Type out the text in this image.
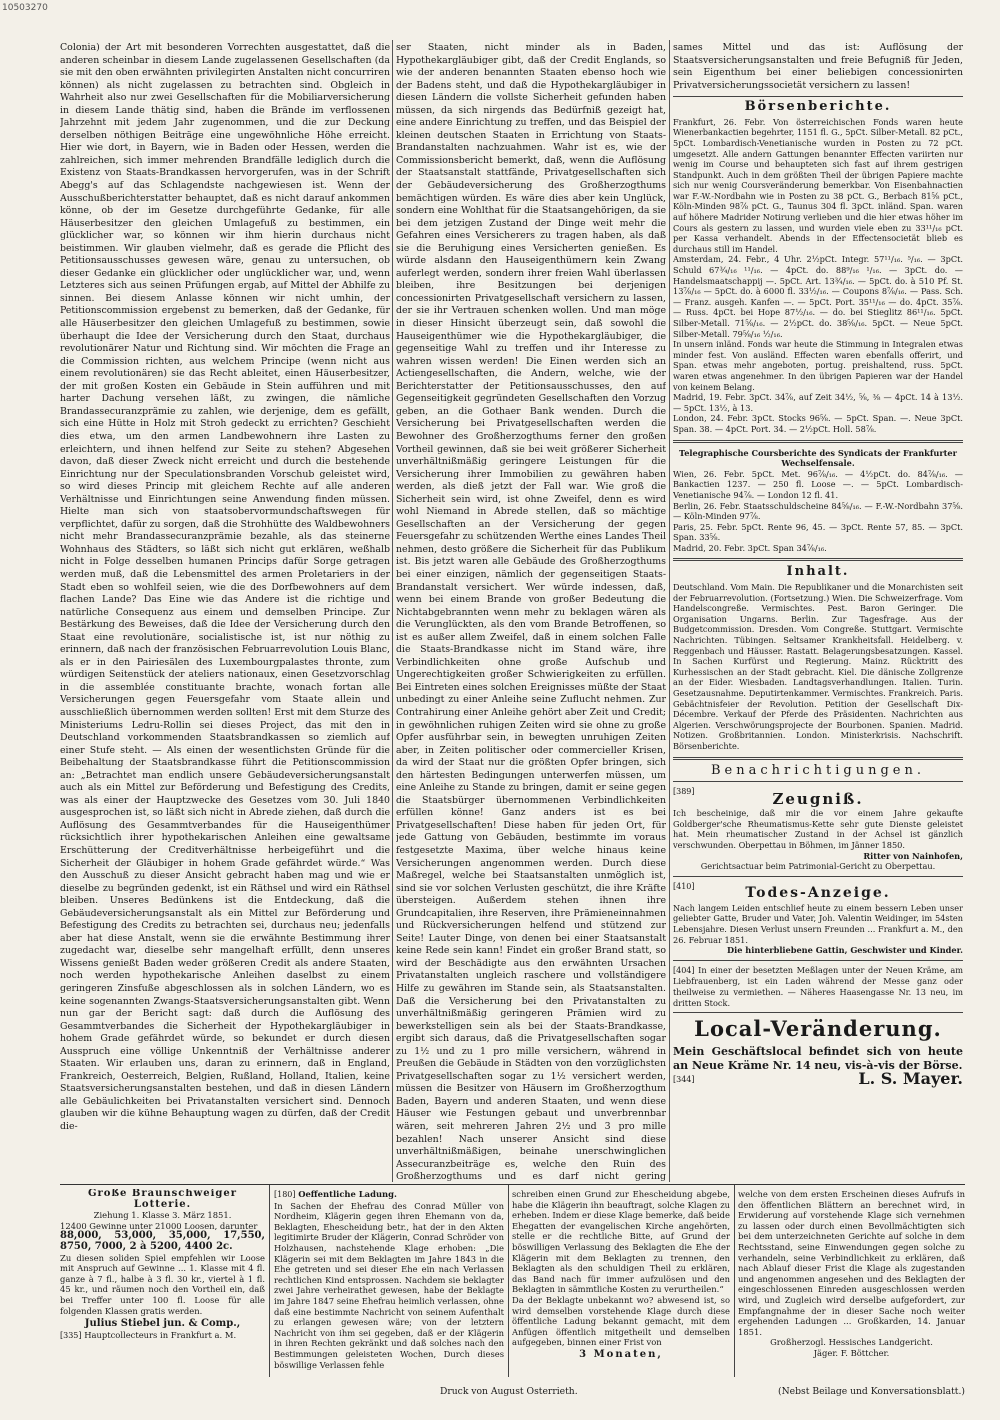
10503270

Colonia) der Art mit besonderen Vorrechten ausgestattet, daß die anderen scheinbar in diesem Lande zugelassenen Gesellschaften (da sie mit den oben erwähnten privilegirten Anstalten nicht concurriren können) als nicht zugelassen zu betrachten sind. Obgleich in Wahrheit also nur zwei Gesellschaften für die Mobiliarversicherung in diesem Lande thätig sind, haben die Brände im verflossenen Jahrzehnt mit jedem Jahr zugenommen, und die zur Deckung derselben nöthigen Beiträge eine ungewöhnliche Höhe erreicht. Hier wie dort, in Bayern, wie in Baden oder Hessen, werden die zahlreichen, sich immer mehrenden Brandfälle lediglich durch die Existenz von Staats-Brandkassen hervorgerufen, was in der Schrift Abegg's auf das Schlagendste nachgewiesen ist. Wenn der Ausschußberichterstatter behauptet, daß es nicht darauf ankommen könne, ob der im Gesetze durchgeführte Gedanke, für alle Häuserbesitzer den gleichen Umlagefuß zu bestimmen, ein glücklicher war, so können wir ihm hierin durchaus nicht beistimmen. Wir glauben vielmehr, daß es gerade die Pflicht des Petitionsausschusses gewesen wäre, genau zu untersuchen, ob dieser Gedanke ein glücklicher oder unglücklicher war, und, wenn Letzteres sich aus seinen Prüfungen ergab, auf Mittel der Abhilfe zu sinnen. Bei diesem Anlasse können wir nicht umhin, der Petitionscommission ergebenst zu bemerken, daß der Gedanke, für alle Häuserbesitzer den gleichen Umlagefuß zu bestimmen, sowie überhaupt die Idee der Versicherung durch den Staat, durchaus revolutionärer Natur und Richtung sind. Wir möchten die Frage an die Commission richten, aus welchem Principe (wenn nicht aus einem revolutionären) sie das Recht ableitet, einen Häuserbesitzer, der mit großen Kosten ein Gebäude in Stein aufführen und mit harter Dachung versehen läßt, zu zwingen, die nämliche Brandassecuranzprämie zu zahlen, wie derjenige, dem es gefällt, sich eine Hütte in Holz mit Stroh gedeckt zu errichten? Geschieht dies etwa, um den armen Landbewohnern ihre Lasten zu erleichtern, und ihnen helfend zur Seite zu stehen? Abgesehen davon, daß dieser Zweck nicht erreicht und durch die bestehende Einrichtung nur der Speculationsbranden Vorschub geleistet wird, so wird dieses Princip mit gleichem Rechte auf alle anderen Verhältnisse und Einrichtungen seine Anwendung finden müssen. Hielte man sich von staatsobervormundschaftswegen für verpflichtet, dafür zu sorgen, daß die Strohhütte des Waldbewohners nicht mehr Brandassecuranzprämie bezahle, als das steinerne Wohnhaus des Städters, so läßt sich nicht gut erklären, weßhalb nicht in Folge desselben humanen Princips dafür Sorge getragen werden muß, daß die Lebensmittel des armen Proletariers in der Stadt eben so wohlfeil seien, wie die des Dorfbewohners auf dem flachen Lande? Das Eine wie das Andere ist die richtige und natürliche Consequenz aus einem und demselben Principe. Zur Bestärkung des Beweises, daß die Idee der Versicherung durch den Staat eine revolutionäre, socialistische ist, ist nur nöthig zu erinnern, daß nach der französischen Februarrevolution Louis Blanc, als er in den Pairiesälen des Luxembourgpalastes thronte, zum würdigen Seitenstück der ateliers nationaux, einen Gesetzvorschlag in die assemblée constituante brachte, wonach fortan alle Versicherungen gegen Feuersgefahr vom Staate allein und ausschließlich übernommen werden sollten! Erst mit dem Sturze des Ministeriums Ledru-Rollin sei dieses Project, das mit den in Deutschland vorkommenden Staatsbrandkassen so ziemlich auf einer Stufe steht. — Als einen der wesentlichsten Gründe für die Beibehaltung der Staatsbrandkasse führt die Petitionscommission an: „Betrachtet man endlich unsere Gebäudeversicherungsanstalt auch als ein Mittel zur Beförderung und Befestigung des Credits, was als einer der Hauptzwecke des Gesetzes vom 30. Juli 1840 ausgesprochen ist, so läßt sich nicht in Abrede ziehen, daß durch die Auflösung des Gesammtverbandes für die Hauseigenthümer rücksichtlich ihrer hypothekarischen Anleihen eine gewaltsame Erschütterung der Creditverhältnisse herbeigeführt und die Sicherheit der Gläubiger in hohem Grade gefährdet würde.“ Was den Ausschuß zu dieser Ansicht gebracht haben mag und wie er dieselbe zu begründen gedenkt, ist ein Räthsel und wird ein Räthsel bleiben. Unseres Bedünkens ist die Entdeckung, daß die Gebäudeversicherungsanstalt als ein Mittel zur Beförderung und Befestigung des Credits zu betrachten sei, durchaus neu; jedenfalls aber hat diese Anstalt, wenn sie die erwähnte Bestimmung ihrer zugedacht war, dieselbe sehr mangelhaft erfüllt, denn unseres Wissens genießt Baden weder größeren Credit als andere Staaten, noch werden hypothekarische Anleihen daselbst zu einem geringeren Zinsfuße abgeschlossen als in solchen Ländern, wo es keine sogenannten Zwangs-Staatsversicherungsanstalten gibt. Wenn nun gar der Bericht sagt: daß durch die Auflösung des Gesammtverbandes die Sicherheit der Hypothekargläubiger in hohem Grade gefährdet würde, so bekundet er durch diesen Ausspruch eine völlige Unkenntniß der Verhältnisse anderer Staaten. Wir erlauben uns, daran zu erinnern, daß in England, Frankreich, Oesterreich, Belgien, Rußland, Holland, Italien, keine Staatsversicherungsanstalten bestehen, und daß in diesen Ländern alle Gebäulichkeiten bei Privatanstalten versichert sind. Dennoch glauben wir die kühne Behauptung wagen zu dürfen, daß der Credit die-

ser Staaten, nicht minder als in Baden, Hypothekargläubiger gibt, daß der Credit Englands, so wie der anderen benannten Staaten ebenso hoch wie der Badens steht, und daß die Hypothekargläubiger in diesen Ländern die vollste Sicherheit gefunden haben müssen, da sich nirgends das Bedürfniß gezeigt hat, eine andere Einrichtung zu treffen, und das Beispiel der kleinen deutschen Staaten in Errichtung von Staats-Brandanstalten nachzuahmen. Wahr ist es, wie der Commissionsbericht bemerkt, daß, wenn die Auflösung der Staatsanstalt stattfände, Privatgesellschaften sich der Gebäudeversicherung des Großherzogthums bemächtigen würden. Es wäre dies aber kein Unglück, sondern eine Wohlthat für die Staatsangehörigen, da sie bei dem jetzigen Zustand der Dinge weit mehr die Gefahren eines Versicherers zu tragen haben, als daß sie die Beruhigung eines Versicherten genießen. Es würde alsdann den Hauseigenthümern kein Zwang auferlegt werden, sondern ihrer freien Wahl überlassen bleiben, ihre Besitzungen bei derjenigen concessionirten Privatgesellschaft versichern zu lassen, der sie ihr Vertrauen schenken wollen. Und man möge in dieser Hinsicht überzeugt sein, daß sowohl die Hauseigenthümer wie die Hypothekargläubiger, die gegenseitige Wahl zu treffen und ihr Interesse zu wahren wissen werden! Die Einen werden sich an Actiengesellschaften, die Andern, welche, wie der Berichterstatter der Petitionsausschusses, den auf Gegenseitigkeit gegründeten Gesellschaften den Vorzug geben, an die Gothaer Bank wenden. Durch die Versicherung bei Privatgesellschaften werden die Bewohner des Großherzogthums ferner den großen Vortheil gewinnen, daß sie bei weit größerer Sicherheit unverhältnißmäßig geringere Leistungen für die Versicherung ihrer Immobilien zu gewähren haben werden, als dieß jetzt der Fall war. Wie groß die Sicherheit sein wird, ist ohne Zweifel, denn es wird wohl Niemand in Abrede stellen, daß so mächtige Gesellschaften an der Versicherung der gegen Feuersgefahr zu schützenden Werthe eines Landes Theil nehmen, desto größere die Sicherheit für das Publikum ist. Bis jetzt waren alle Gebäude des Großherzogthums bei einer einzigen, nämlich der gegenseitigen Staats-Brandanstalt versichert. Wer würde indessen, daß, wenn bei einem Brande von großer Bedeutung die Nichtabgebrannten wenn mehr zu beklagen wären als die Verunglückten, als den vom Brande Betroffenen, so ist es außer allem Zweifel, daß in einem solchen Falle die Staats-Brandkasse nicht im Stand wäre, ihre Verbindlichkeiten ohne große Aufschub und Ungerechtigkeiten großer Schwierigkeiten zu erfüllen. Bei Eintreten eines solchen Ereignisses müßte der Staat unbedingt zu einer Anleihe seine Zuflucht nehmen. Zur Contrahirung einer Anleihe gehört aber Zeit und Credit; in gewöhnlichen ruhigen Zeiten wird sie ohne zu große Opfer ausführbar sein, in bewegten unruhigen Zeiten aber, in Zeiten politischer oder commercieller Krisen, da wird der Staat nur die größten Opfer bringen, sich den härtesten Bedingungen unterwerfen müssen, um eine Anleihe zu Stande zu bringen, damit er seine gegen die Staatsbürger übernommenen Verbindlichkeiten erfüllen könne! Ganz anders ist es bei Privatgesellschaften! Diese haben für jeden Ort, für jede Gattung von Gebäuden, bestimmte im voraus festgesetzte Maxima, über welche hinaus keine Versicherungen angenommen werden. Durch diese Maßregel, welche bei Staatsanstalten unmöglich ist, sind sie vor solchen Verlusten geschützt, die ihre Kräfte übersteigen. Außerdem stehen ihnen ihre Grundcapitalien, ihre Reserven, ihre Prämieneinnahmen und Rückversicherungen helfend und stützend zur Seite! Lauter Dinge, von denen bei einer Staatsanstalt keine Rede sein kann! Findet ein großer Brand statt, so wird der Beschädigte aus den erwähnten Ursachen Privatanstalten ungleich raschere und vollständigere Hilfe zu gewähren im Stande sein, als Staatsanstalten. Daß die Versicherung bei den Privatanstalten zu unverhältnißmäßig geringeren Prämien wird zu bewerkstelligen sein als bei der Staats-Brandkasse, ergibt sich daraus, daß die Privatgesellschaften sogar zu 1½ und zu 1 pro mille versichern, während in Preußen die Gebäude in Städten von den vorzüglichsten Privatgesellschaften sogar zu 1½ versichert werden, müssen die Besitzer von Häusern im Großherzogthum Baden, Bayern und anderen Staaten, und wenn diese Häuser wie Festungen gebaut und unverbrennbar wären, seit mehreren Jahren 2½ und 3 pro mille bezahlen! Nach unserer Ansicht sind diese unverhältnißmäßigen, beinahe unerschwinglichen Assecuranzbeiträge es, welche den Ruin des Großherzogthums und es darf nicht gering

sames Mittel und das ist: Auflösung der Staatsversicherungsanstalten und freie Befugniß für Jeden, sein Eigenthum bei einer beliebigen concessionirten Privatversicherungssocietät versichern zu lassen!

Börsenberichte.

Frankfurt, 26. Febr. Von österreichischen Fonds waren heute Wienerbankactien begehrter, 1151 fl. G., 5pCt. Silber-Metall. 82 pCt., 5pCt. Lombardisch-Venetianische wurden in Posten zu 72 pCt. umgesetzt. Alle andern Gattungen benannter Effecten variirten nur wenig im Course und behaupteten sich fast auf ihrem gestrigen Standpunkt. Auch in dem größten Theil der übrigen Papiere machte sich nur wenig Coursveränderung bemerkbar. Von Eisenbahnactien war F.-W.-Nordbahn wie in Posten zu 38 pCt. G., Berbach 81⅝ pCt., Köln-Minden 98⅞ pCt. G., Taunus 304 fl. 3pCt. inländ. Span. waren auf höhere Madrider Notirung verlieben und die hier etwas höher im Cours als gestern zu lassen, und wurden viele eben zu 33¹¹/₁₆ pCt. per Kassa verhandelt. Abends in der Effectensocietät blieb es durchaus still im Handel.

Amsterdam, 24. Febr., 4 Uhr. 2½pCt. Integr. 57¹¹/₁₆. ⁵/₁₆. — 3pCt. Schuld 67¾/₁₆ ¹¹/₁₆. — 4pCt. do. 88⁹/₁₆ ¹/₁₆. — 3pCt. do. — Handelsmaatschappij —. 5pCt. Art. 13¾/₁₆. — 5pCt. do. à 510 Pf. St. 13⅞/₁₆ — 5pCt. do. à 6000 fl. 33½/₁₆. — Coupons 8⅞/₁₆. — Pass. Sch. — Franz. ausgeh. Kanfen —. — 5pCt. Port. 35¹¹/₁₆ — do. 4pCt. 35⅞. — Russ. 4pCt. bei Hope 87½/₁₆. — do. bei Stieglitz 86¹¹/₁₆. 5pCt. Silber-Metall. 71⅝/₁₆. — 2½pCt. do. 38⅝/₁₆. 5pCt. — Neue 5pCt. Silber-Metall. 79⅝/₁₆ ½/₁₆.

In unsern inländ. Fonds war heute die Stimmung in Integralen etwas minder fest. Von ausländ. Effecten waren ebenfalls offerirt, und Span. etwas mehr angeboten, portug. preishaltend, russ. 5pCt. waren etwas angenehmer. In den übrigen Papieren war der Handel von keinem Belang.

Madrid, 19. Febr. 3pCt. 34⅞, auf Zeit 34½, ⅝, ⅜ — 4pCt. 14 à 13½. — 5pCt. 13½, à 13.

London, 24. Febr. 3pCt. Stocks 96⅝. — 5pCt. Span. —. Neue 3pCt. Span. 38. — 4pCt. Port. 34. — 2½pCt. Holl. 58⅞.

Telegraphische Coursberichte des Syndicats der Frankfurter Wechselfensale.

Wien, 26. Febr. 5pCt. Met. 96⅞/₁₆. — 4½pCt. do. 84⅞/₁₆. — Bankactien 1237. — 250 fl. Loose —. — 5pCt. Lombardisch-Venetianische 94⅞. — London 12 fl. 41.

Berlin, 26. Febr. Staatsschuldscheine 84⅝/₁₆. — F.-W.-Nordbahn 37⅝. — Köln-Minden 97⅞.

Paris, 25. Febr. 5pCt. Rente 96, 45. — 3pCt. Rente 57, 85. — 3pCt. Span. 33⅝.

Madrid, 20. Febr. 3pCt. Span 34⅞/₁₆.

Inhalt.

Deutschland. Vom Main. Die Republikaner und die Monarchisten seit der Februarrevolution. (Fortsetzung.) Wien. Die Schweizerfrage. Vom Handelscongreße. Vermischtes. Pest. Baron Geringer. Die Organisation Ungarns. Berlin. Zur Tagesfrage. Aus der Budgetcommission. Dresden. Vom Congreße. Stuttgart. Vermischte Nachrichten. Tübingen. Seltsamer Krankheitsfall. Heidelberg. v. Reggenbach und Häusser. Rastatt. Belagerungsbesatzungen. Kassel. In Sachen Kurfürst und Regierung. Mainz. Rücktritt des Kurhessischen an der Stadt gebracht. Kiel. Die dänische Zollgrenze an der Eider. Wiesbaden. Landtagsverhandlungen. Italien. Turin. Gesetzausnahme. Deputirtenkammer. Vermischtes. Frankreich. Paris. Gebächtnisfeier der Revolution. Petition der Gesellschaft Dix-Décembre. Verkauf der Pferde des Präsidenten. Nachrichten aus Algerien. Verschwörungsprojecte der Bourbonen. Spanien. Madrid. Notizen. Großbritannien. London. Ministerkrisis. Nachschrift. Börsenberichte.

Benachrichtigungen.
[389]	Zeugniß.

Ich bescheinige, daß mir die vor einem Jahre gekaufte Goldberger'sche Rheumatismus-Kette sehr gute Dienste geleistet hat. Mein rheumatischer Zustand in der Achsel ist gänzlich verschwunden. Oberpettau in Böhmen, im Jänner 1850.

Ritter von Nainhofen,

Gerichtsactuar beim Patrimonial-Gericht zu Oberpettau.

[410]	Todes-Anzeige.

Nach langem Leiden entschlief heute zu einem bessern Leben unser geliebter Gatte, Bruder und Vater, Joh. Valentin Weidinger, im 54sten Lebensjahre. Diesen Verlust unsern Freunden ... Frankfurt a. M., den 26. Februar 1851.

Die hinterbliebene Gattin, Geschwister und Kinder.

[404] In einer der besetzten Meßlagen unter der Neuen Kräme, am Liebfrauenberg, ist ein Laden während der Messe ganz oder theilweise zu vermiethen. — Näheres Haasengasse Nr. 13 neu, im dritten Stock.

Local-Veränderung.

Mein Geschäftslocal befindet sich von heute an Neue Kräme Nr. 14 neu, vis-à-vis der Börse.

[344]	L. S. Mayer.

Große Braunschweiger Lotterie.

Ziehung 1. Klasse 3. März 1851.

12400 Gewinne unter 21000 Loosen, darunter

88,000, 53,000, 35,000, 17,550, 8750, 7000, 2 à 5200, 4400 2c.

Zu diesen soliden Spiel empfehlen wir Loose mit Anspruch auf Gewinne ... 1. Klasse mit 4 fl. ganze à 7 fl., halbe à 3 fl. 30 kr., viertel à 1 fl. 45 kr., und räumen noch den Vortheil ein, daß bei Treffer unter 100 fl. Loose für alle folgenden Klassen gratis werden.

Julius Stiebel jun. & Comp.,

[335] Hauptcollecteurs in Frankfurt a. M.

[180] Oeffentliche Ladung.

In Sachen der Ehefrau des Conrad Müller von Nordheim, Klägerin gegen ihren Ehemann von da, Beklagten, Ehescheidung betr., hat der in den Akten legitimirte Bruder der Klägerin, Conrad Schröder von Holzhausen, nachstehende Klage erhoben: „Die Klägerin sei mit dem Beklagten im Jahre 1843 in die Ehe getreten und sei dieser Ehe ein nach Verlassen rechtlichen Kind entsprossen. Nachdem sie beklagter zwei Jahre verheirathet gewesen, habe der Beklagte im Jahre 1847 seine Ehefrau heimlich verlassen, ohne daß eine bestimmte Nachricht von seinem Aufenthalt zu erlangen gewesen wäre; von der letztern Nachricht von ihm sei gegeben, daß er der Klägerin in ihren Rechten gekränkt und daß solches nach den Bestimmungen geleisteten Wochen, Durch dieses böswillige Verlassen fehle

schreiben einen Grund zur Ehescheidung abgebe, habe die Klägerin ihn beauftragt, solche Klagen zu erheben. Indem er diese Klage bemerke, daß beide Ehegatten der evangelischen Kirche angehörten, stelle er die rechtliche Bitte, auf Grund der böswilligen Verlassung des Beklagten die Ehe der Klägerin mit dem Beklagten zu trennen, den Beklagten als den schuldigen Theil zu erklären, das Band nach für immer aufzulösen und den Beklagten in sämmtliche Kosten zu verurtheilen.“

Da der Beklagte unbekannt wo? abwesend ist, so wird demselben vorstehende Klage durch diese öffentliche Ladung bekannt gemacht, mit dem Anfügen öffentlich mitgetheilt und demselben aufgegeben, binnen einer Frist von

3 Monaten,

welche von dem ersten Erscheinen dieses Aufrufs in den öffentlichen Blättern an berechnet wird, in Erwiderung auf vorstehende Klage sich vernehmen zu lassen oder durch einen Bevollmächtigten sich bei dem unterzeichneten Gerichte auf solche in dem Rechtsstand, seine Einwendungen gegen solche zu verhandeln, seine Verbindlichkeit zu erklären, daß nach Ablauf dieser Frist die Klage als zugestanden und angenommen angesehen und des Beklagten der eingeschlossenen Einreden ausgeschlossen werden wird, und Zugleich wird derselbe aufgefordert, zur Empfangnahme der in dieser Sache noch weiter ergehenden Ladungen ... Großkarden, 14. Januar 1851.

Großherzogl. Hessisches Landgericht.

Jäger. F. Böttcher.

Druck von August Osterrieth.	(Nebst Beilage und Konversationsblatt.)
